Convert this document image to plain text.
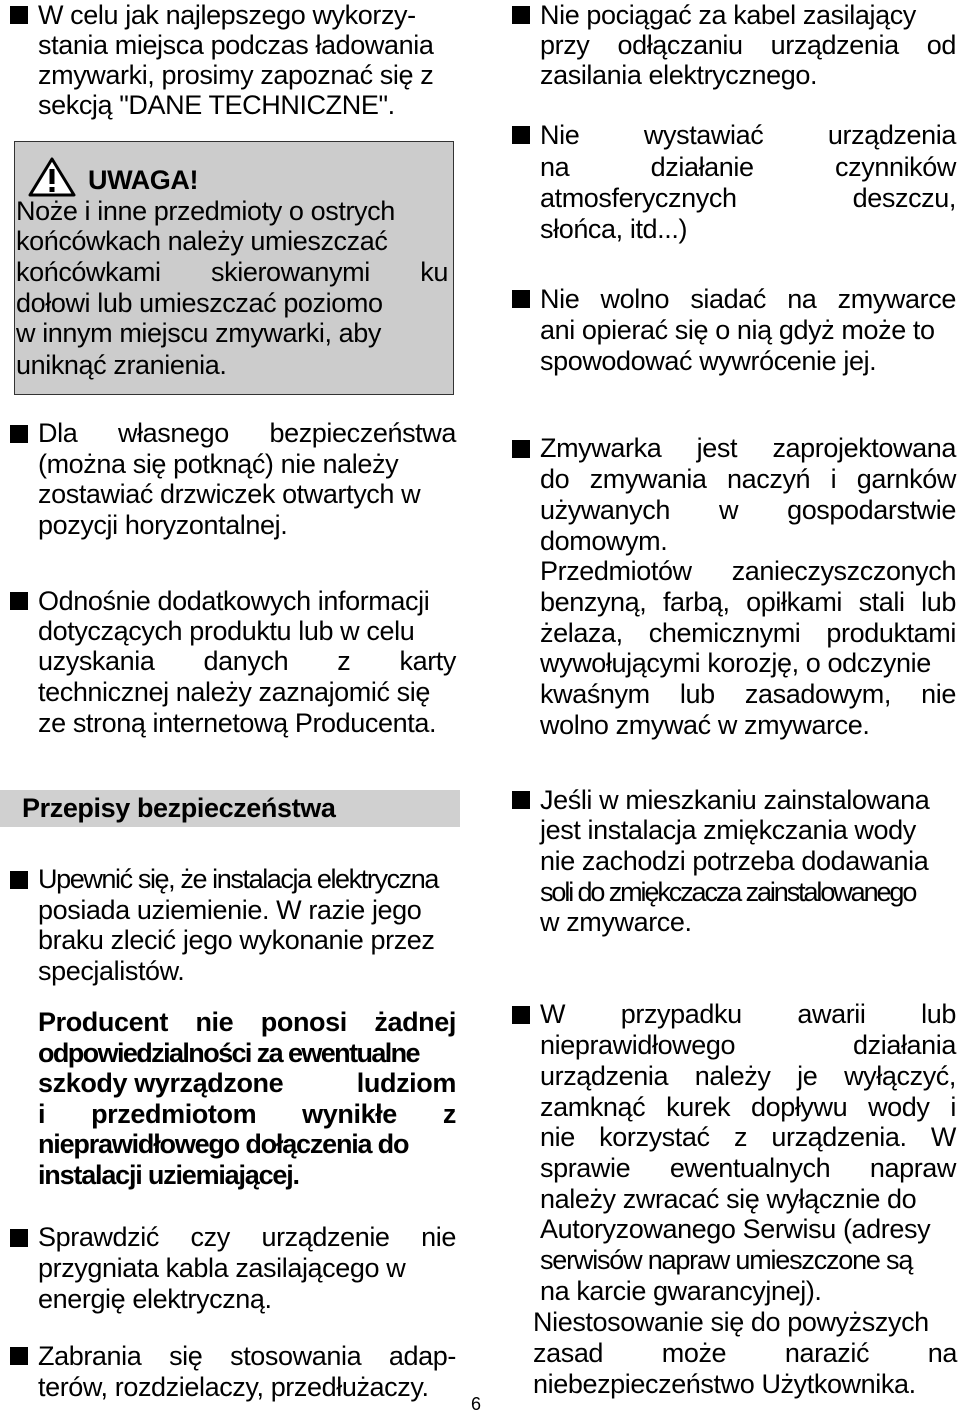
W celu jak najlepszego wykorzy-
stania miejsca podczas ładowania
zmywarki, prosimy zapoznać się z
sekcją "DANE TECHNICZNE".
UWAGA!
Noże i inne przedmioty o ostrych
końcówkach należy umieszczać
końcówkami skierowanymi ku
dołowi lub umieszczać poziomo
w innym miejscu zmywarki, aby
uniknąć zranienia.
Dla własnego bezpieczeństwa
(można się potknąć) nie należy
zostawiać drzwiczek otwartych w
pozycji horyzontalnej.
Odnośnie dodatkowych informacji
dotyczących produktu lub w celu
uzyskania danych z karty
technicznej należy zaznajomić się
ze stroną internetową Producenta.
Przepisy bezpieczeństwa
Upewnić się, że instalacja elektryczna
posiada uziemienie. W razie jego
braku zlecić jego wykonanie przez
specjalistów.
Producent nie ponosi żadnej
odpowiedzialności za ewentualne
szkody wyrządzone	ludziom
i przedmiotom wynikłe z
nieprawidłowego dołączenia do
instalacji uziemiającej.
Sprawdzić czy urządzenie nie
przygniata kabla zasilającego w
energię elektryczną.
Zabrania się stosowania adap-
terów, rozdzielaczy, przedłużaczy.
6
Nie pociągać za kabel zasilający
przy odłączaniu urządzenia od
zasilania elektrycznego.
Nie wystawiać urządzenia
na	działanie	czynników
atmosferycznych	deszczu,
słońca, itd...)
Nie wolno siadać na zmywarce
ani opierać się o nią gdyż może to
spowodować wywrócenie jej.
Zmywarka jest zaprojektowana
do zmywania naczyń i garnków
używanych w gospodarstwie
domowym.
Przedmiotów zanieczyszczonych
benzyną, farbą, opiłkami stali lub
żelaza, chemicznymi produktami
wywołującymi korozję, o odczynie
kwaśnym lub zasadowym, nie
wolno zmywać w zmywarce.
Jeśli w mieszkaniu zainstalowana
jest instalacja zmiękczania wody
nie zachodzi potrzeba dodawania
soli do zmiękczacza zainstalowanego
w zmywarce.
W przypadku awarii lub
nieprawidłowego	działania
urządzenia należy je wyłączyć,
zamknąć kurek dopływu wody i
nie korzystać z urządzenia. W
sprawie ewentualnych napraw
należy zwracać się wyłącznie do
Autoryzowanego Serwisu (adresy
serwisów napraw umieszczone są
na karcie gwarancyjnej).
Niestosowanie się do powyższych
zasad może narazić na
niebezpieczeństwo Użytkownika.
